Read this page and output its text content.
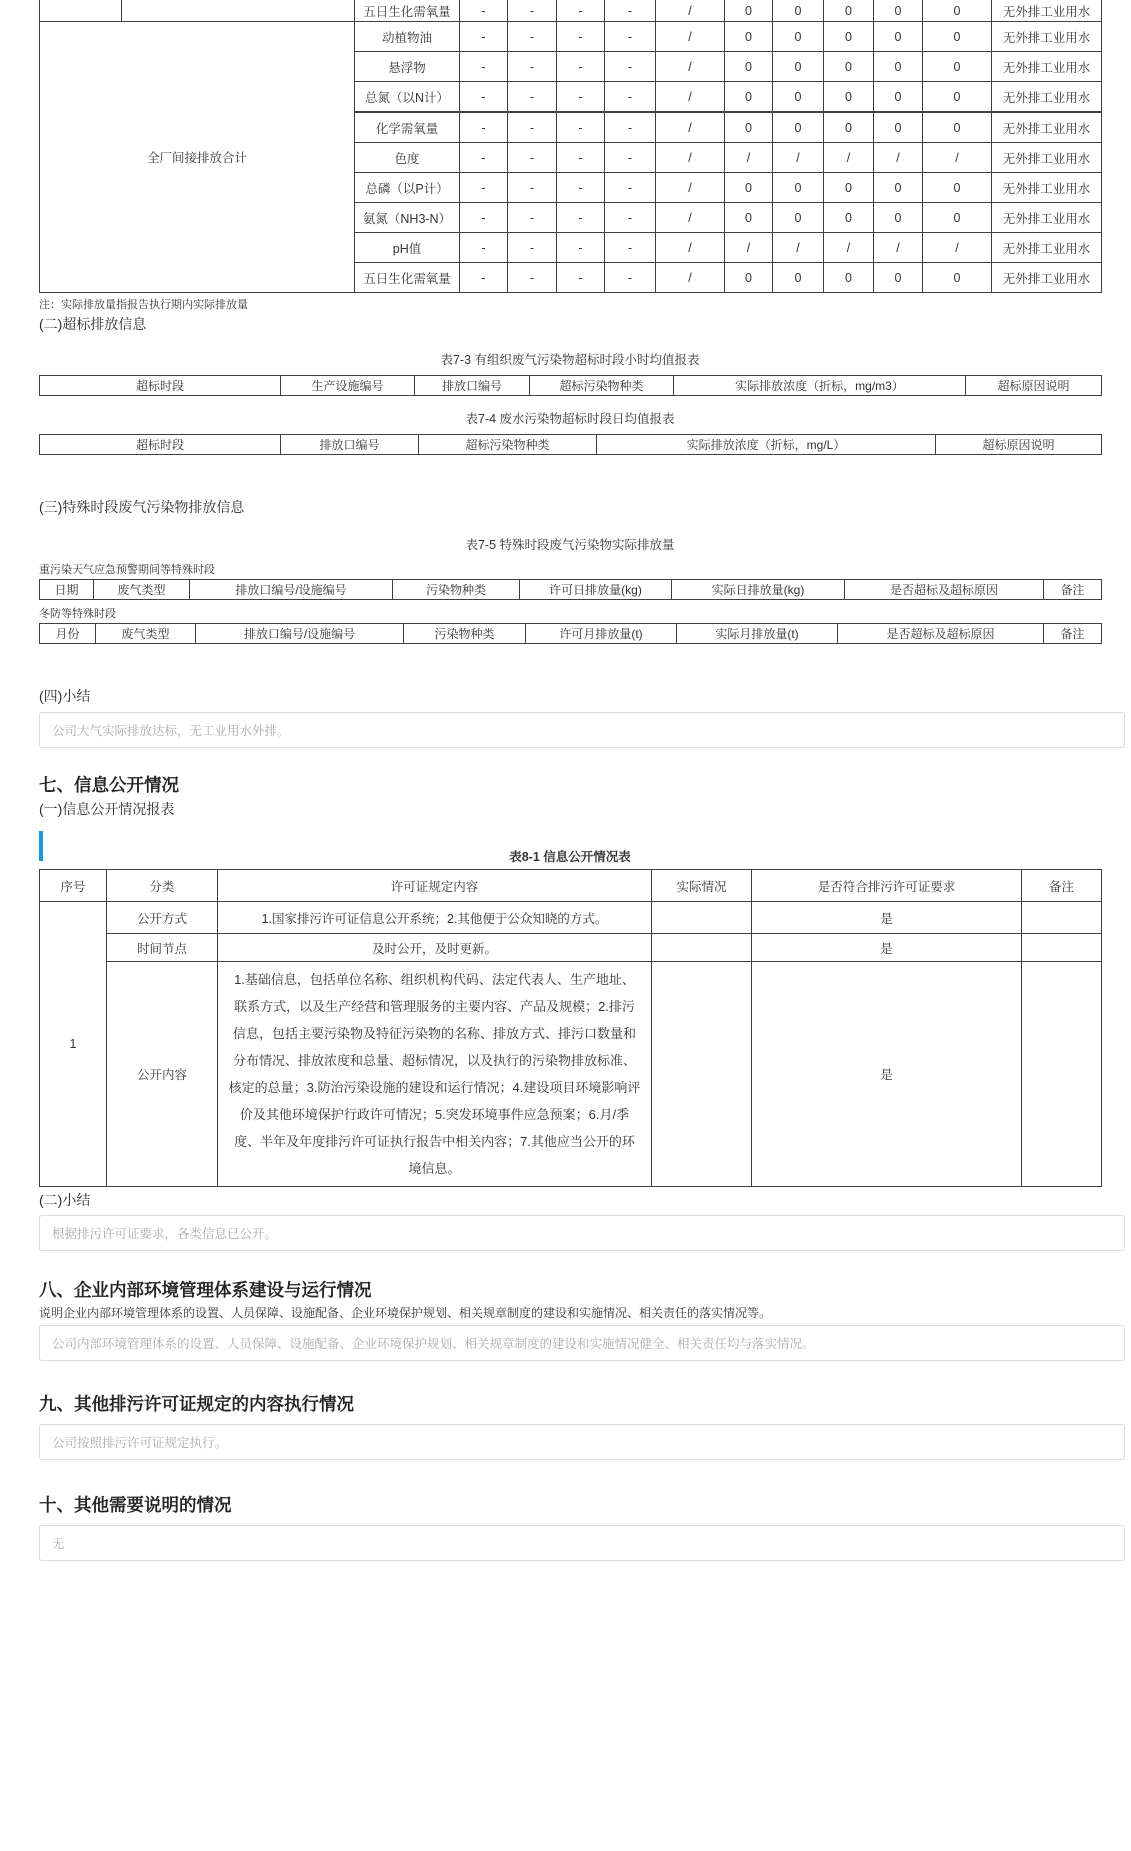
		五日生化需氧量	-	-	-	-	/	0	0	0	0	0	无外排工业用水
全厂间接排放合计		动植物油	-	-	-	-	/	0	0	0	0	0	无外排工业用水
		悬浮物	-	-	-	-	/	0	0	0	0	0	无外排工业用水
		总氮（以N计）	-	-	-	-	/	0	0	0	0	0	无外排工业用水
		化学需氧量	-	-	-	-	/	0	0	0	0	0	无外排工业用水
		色度	-	-	-	-	/	/	/	/	/	/	无外排工业用水
		总磷（以P计）	-	-	-	-	/	0	0	0	0	0	无外排工业用水
		氨氮（NH3-N）	-	-	-	-	/	0	0	0	0	0	无外排工业用水
		pH值	-	-	-	-	/	/	/	/	/	/	无外排工业用水
		五日生化需氧量	-	-	-	-	/	0	0	0	0	0	无外排工业用水
注：实际排放量指报告执行期内实际排放量
(二)超标排放信息
表7-3 有组织废气污染物超标时段小时均值报表
超标时段	生产设施编号	排放口编号	超标污染物种类	实际排放浓度（折标，mg/m3）	超标原因说明
表7-4 废水污染物超标时段日均值报表
超标时段	排放口编号	超标污染物种类	实际排放浓度（折标，mg/L）	超标原因说明
(三)特殊时段废气污染物排放信息
表7-5 特殊时段废气污染物实际排放量
重污染天气应急预警期间等特殊时段
日期	废气类型	排放口编号/设施编号	污染物种类	许可日排放量(kg)	实际日排放量(kg)	是否超标及超标原因	备注
冬防等特殊时段
月份	废气类型	排放口编号/设施编号	污染物种类	许可月排放量(t)	实际月排放量(t)	是否超标及超标原因	备注
(四)小结
公司大气实际排放达标，无工业用水外排。
七、信息公开情况
(一)信息公开情况报表
表8-1 信息公开情况表
序号	分类	许可证规定内容	实际情况	是否符合排污许可证要求	备注
1	公开方式	1.国家排污许可证信息公开系统；2.其他便于公众知晓的方式。		是	
	时间节点	及时公开，及时更新。		是	
	公开内容	1.基础信息，包括单位名称、组织机构代码、法定代表人、生产地址、联系方式，以及生产经营和管理服务的主要内容、产品及规模；2.排污信息，包括主要污染物及特征污染物的名称、排放方式、排污口数量和分布情况、排放浓度和总量、超标情况，以及执行的污染物排放标准、核定的总量；3.防治污染设施的建设和运行情况；4.建设项目环境影响评价及其他环境保护行政许可情况；5.突发环境事件应急预案；6.月/季度、半年及年度排污许可证执行报告中相关内容；7.其他应当公开的环境信息。		是	
(二)小结
根据排污许可证要求，各类信息已公开。
八、企业内部环境管理体系建设与运行情况
说明企业内部环境管理体系的设置、人员保障、设施配备、企业环境保护规划、相关规章制度的建设和实施情况、相关责任的落实情况等。
公司内部环境管理体系的设置、人员保障、设施配备、企业环境保护规划、相关规章制度的建设和实施情况健全、相关责任均与落实情况。
九、其他排污许可证规定的内容执行情况
公司按照排污许可证规定执行。
十、其他需要说明的情况
无
